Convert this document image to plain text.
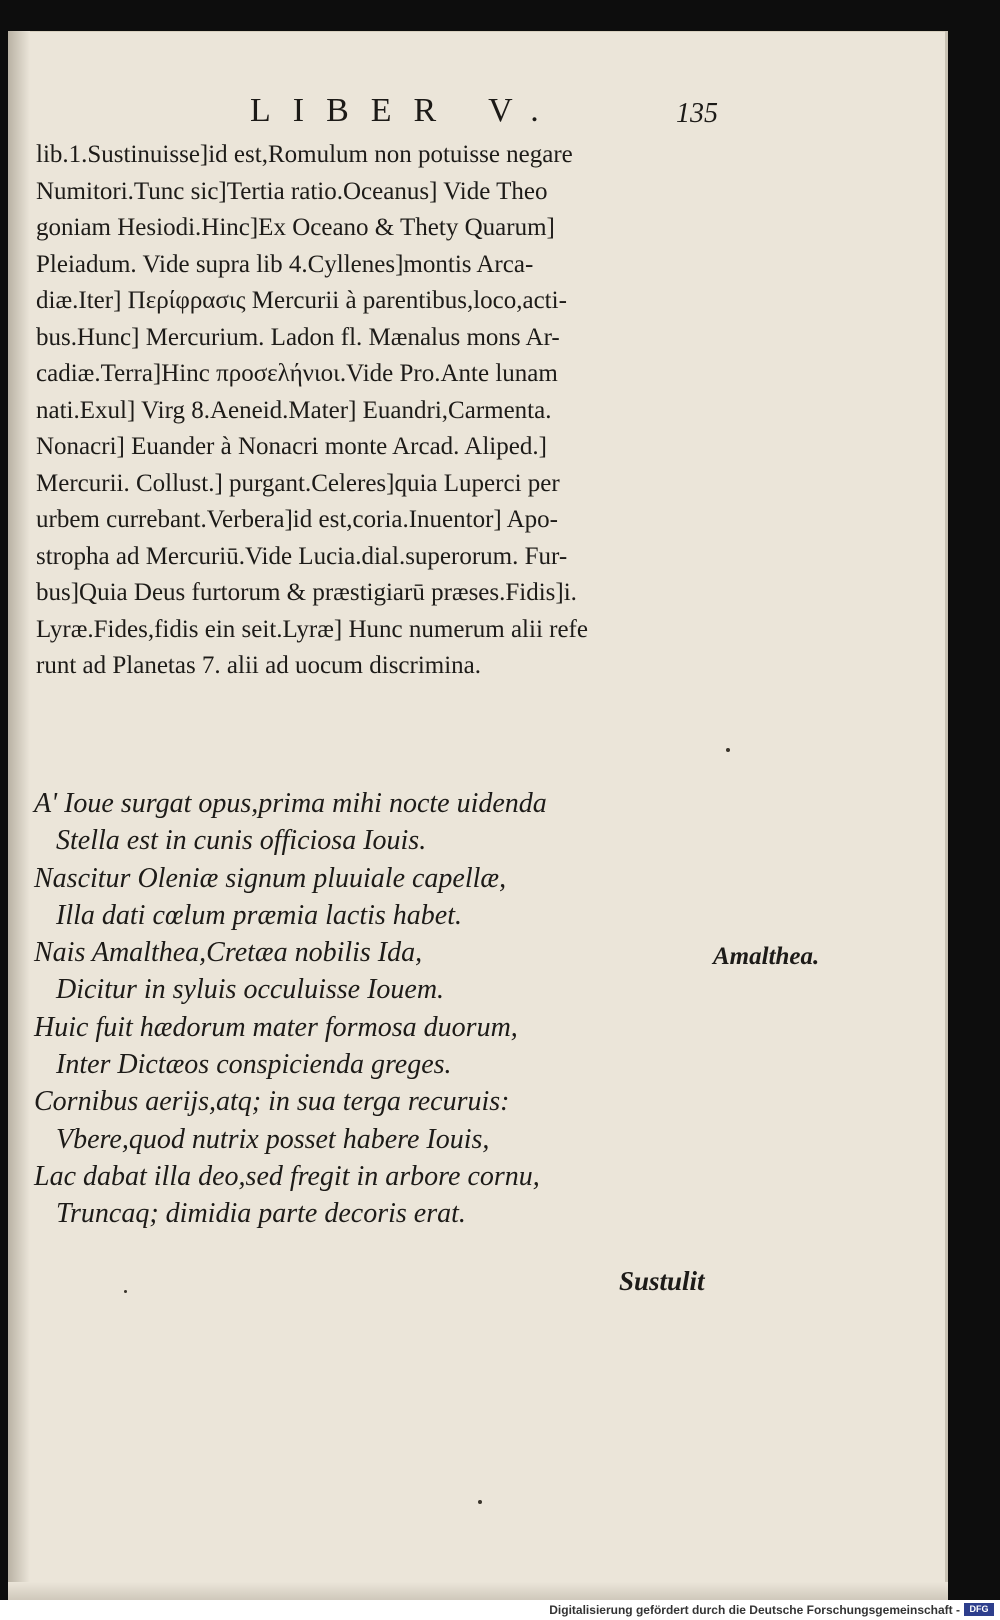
LIBER V.	135
lib.1.Sustinuisse]id est,Romulum non potuisse negare
Numitori.Tunc sic]Tertia ratio.Oceanus] Vide Theo
goniam Hesiodi.Hinc]Ex Oceano & Thety Quarum]
Pleiadum. Vide supra lib 4.Cyllenes]montis Arca-
diæ.Iter] Περίφρασις Mercurii à parentibus,loco,acti-
bus.Hunc] Mercurium. Ladon fl. Mænalus mons Ar-
cadiæ.Terra]Hinc προσελήνιοι.Vide Pro.Ante lunam
nati.Exul] Virg 8.Aeneid.Mater] Euandri,Carmenta.
Nonacri] Euander à Nonacri monte Arcad. Aliped.]
Mercurii. Collust.] purgant.Celeres]quia Luperci per
urbem currebant.Verbera]id est,coria.Inuentor] Apo-
stropha ad Mercuriū.Vide Lucia.dial.superorum. Fur-
bus]Quia Deus furtorum & præstigiarū præses.Fidis]i.
Lyræ.Fides,fidis ein seit.Lyræ] Hunc numerum alii refe
runt ad Planetas 7. alii ad uocum discrimina.
A' Ioue surgat opus,prima mihi nocte uidenda
Stella est in cunis officiosa Iouis.
Nascitur Oleniæ signum pluuiale capellæ,
Illa dati cœlum præmia lactis habet.
Nais Amalthea,Cretæa nobilis Ida,
Dicitur in syluis occuluisse Iouem.
Huic fuit hædorum mater formosa duorum,
Inter Dictæos conspicienda greges.
Cornibus aerijs,atq; in sua terga recuruis:
Vbere,quod nutrix posset habere Iouis,
Lac dabat illa deo,sed fregit in arbore cornu,
Truncaq; dimidia parte decoris erat.
Amalthea.
Sustulit
Digitalisierung gefördert durch die Deutsche Forschungsgemeinschaft -	DFG
